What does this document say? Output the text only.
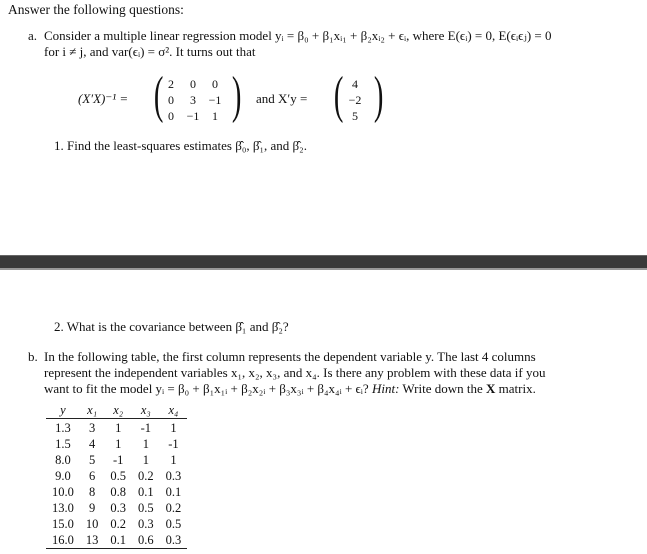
Answer the following questions:
a. Consider a multiple linear regression model yᵢ = β₀ + β₁xᵢ₁ + β₂xᵢ₂ + ϵᵢ, where E(ϵᵢ) = 0, E(ϵᵢϵⱼ) = 0
for i ≠ j, and var(ϵᵢ) = σ². It turns out that
(X′X)⁻¹ = ( 2	0	0
0	3	−1
0	−1	1 ) and X′y = ( 4
−2
5 )
1. Find the least-squares estimates β̂₀, β̂₁, and β̂₂.
2. What is the covariance between β̂₁ and β̂₂?
b. In the following table, the first column represents the dependent variable y. The last 4 columns
represent the independent variables x₁, x₂, x₃, and x₄. Is there any problem with these data if you
want to fit the model yᵢ = β₀ + β₁x₁ᵢ + β₂x₂ᵢ + β₃x₃ᵢ + β₄x₄ᵢ + ϵᵢ? Hint: Write down the X matrix.
y	x₁	x₂	x₃	x₄
1.3	3	1	-1	1
1.5	4	1	1	-1
8.0	5	-1	1	1
9.0	6	0.5	0.2	0.3
10.0	8	0.8	0.1	0.1
13.0	9	0.3	0.5	0.2
15.0	10	0.2	0.3	0.5
16.0	13	0.1	0.6	0.3
